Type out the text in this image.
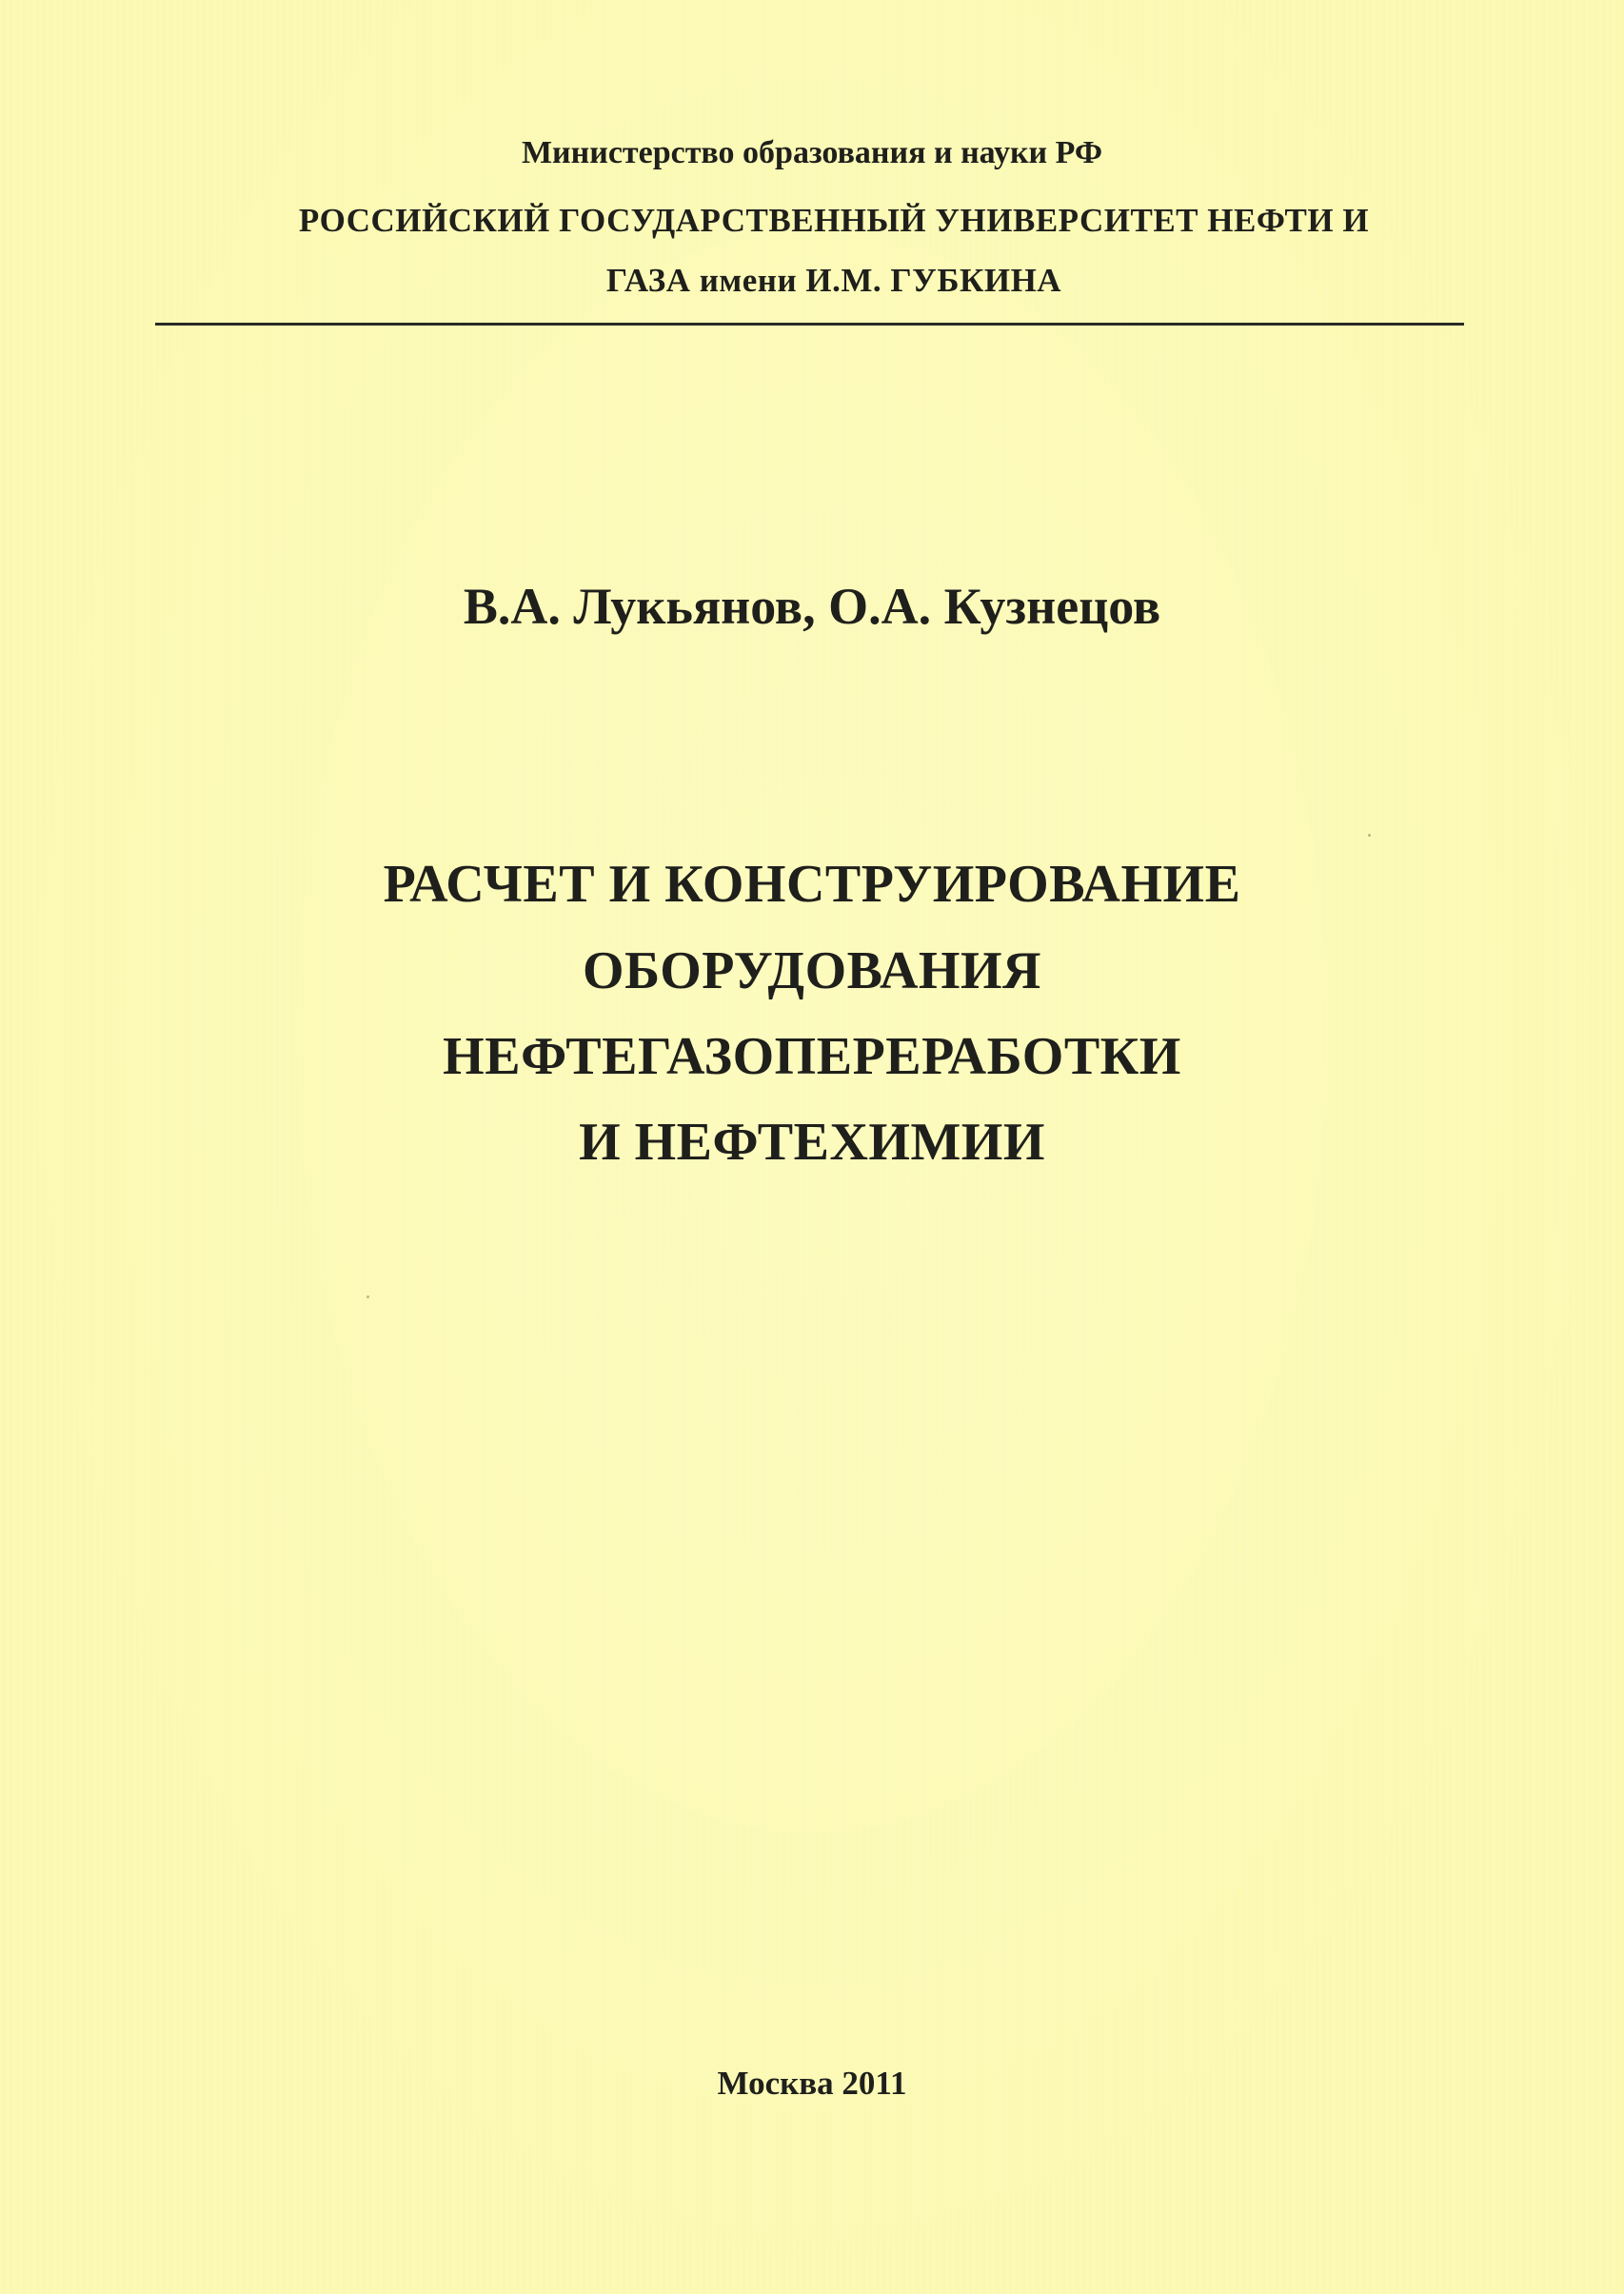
Министерство образования и науки РФ

РОССИЙСКИЙ ГОСУДАРСТВЕННЫЙ УНИВЕРСИТЕТ НЕФТИ И

ГАЗА имени И.М. ГУБКИНА

В.А. Лукьянов, О.А. Кузнецов

РАСЧЕТ И КОНСТРУИРОВАНИЕ

ОБОРУДОВАНИЯ

НЕФТЕГАЗОПЕРЕРАБОТКИ

И НЕФТЕХИМИИ

Москва 2011
